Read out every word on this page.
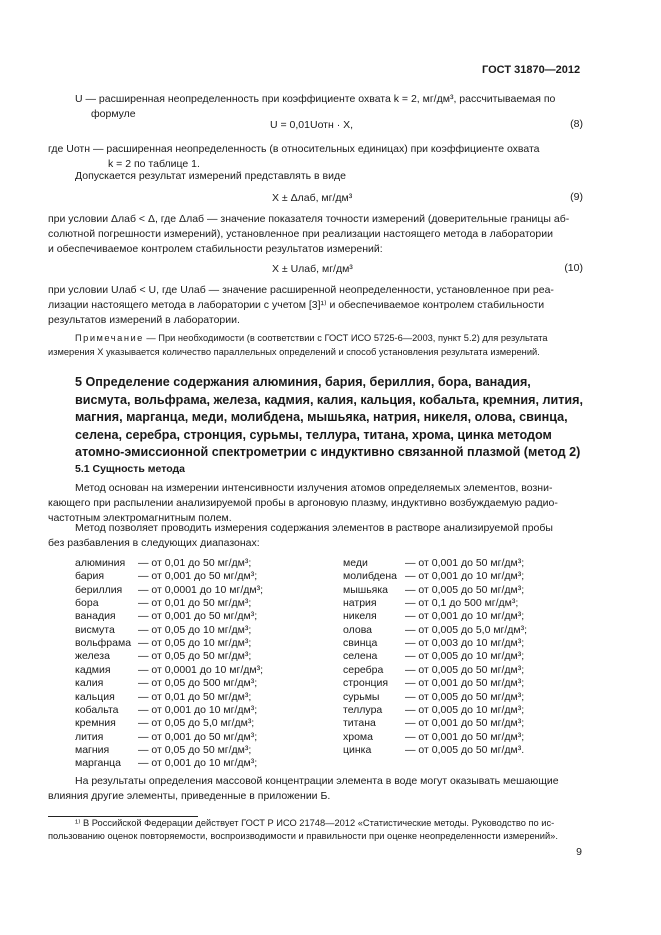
ГОСТ 31870—2012
U — расширенная неопределенность при коэффициенте охвата k = 2, мг/дм³, рассчитываемая по
формуле
U = 0,01Uотн · X,	(8)
где Uотн — расширенная неопределенность (в относительных единицах) при коэффициенте охвата
k = 2 по таблице 1.
Допускается результат измерений представлять в виде
X ± Δлаб, мг/дм³	(9)
при условии Δлаб < Δ, где Δлаб — значение показателя точности измерений (доверительные границы аб-
солютной погрешности измерений), установленное при реализации настоящего метода в лаборатории
и обеспечиваемое контролем стабильности результатов измерений:
X ± Uлаб, мг/дм³	(10)
при условии Uлаб < U, где Uлаб — значение расширенной неопределенности, установленное при реа-
лизации настоящего метода в лаборатории с учетом [3]¹⁾ и обеспечиваемое контролем стабильности
результатов измерений в лаборатории.
Примечание — При необходимости (в соответствии с ГОСТ ИСО 5725-6—2003, пункт 5.2) для результата
измерения X указывается количество параллельных определений и способ установления результата измерений.
5 Определение содержания алюминия, бария, бериллия, бора, ванадия,
висмута, вольфрама, железа, кадмия, калия, кальция, кобальта, кремния, лития,
магния, марганца, меди, молибдена, мышьяка, натрия, никеля, олова, свинца,
селена, серебра, стронция, сурьмы, теллура, титана, хрома, цинка методом
атомно-эмиссионной спектрометрии с индуктивно связанной плазмой (метод 2)
5.1 Сущность метода
Метод основан на измерении интенсивности излучения атомов определяемых элементов, возни-
кающего при распылении анализируемой пробы в аргоновую плазму, индуктивно возбуждаемую радио-
частотным электромагнитным полем.
Метод позволяет проводить измерения содержания элементов в растворе анализируемой пробы
без разбавления в следующих диапазонах:
алюминия — от 0,01 до 50 мг/дм³;
бария	— от 0,001 до 50 мг/дм³;
бериллия — от 0,0001 до 10 мг/дм³;
бора	— от 0,01 до 50 мг/дм³;
ванадия — от 0,001 до 50 мг/дм³;
висмута — от 0,05 до 10 мг/дм³;
вольфрама — от 0,05 до 10 мг/дм³;
железа	— от 0,05 до 50 мг/дм³;
кадмия	— от 0,0001 до 10 мг/дм³;
калия	— от 0,05 до 500 мг/дм³;
кальция — от 0,01 до 50 мг/дм³;
кобальта — от 0,001 до 10 мг/дм³;
кремния — от 0,05 до 5,0 мг/дм³;
лития	— от 0,001 до 50 мг/дм³;
магния	— от 0,05 до 50 мг/дм³;
марганца — от 0,001 до 10 мг/дм³;
меди	— от 0,001 до 50 мг/дм³;
молибдена — от 0,001 до 10 мг/дм³;
мышьяка — от 0,005 до 50 мг/дм³;
натрия	— от 0,1 до 500 мг/дм³;
никеля	— от 0,001 до 10 мг/дм³;
олова	— от 0,005 до 5,0 мг/дм³;
свинца	— от 0,003 до 10 мг/дм³;
селена	— от 0,005 до 10 мг/дм³;
серебра — от 0,005 до 50 мг/дм³;
стронция — от 0,001 до 50 мг/дм³;
сурьмы — от 0,005 до 50 мг/дм³;
теллура — от 0,005 до 10 мг/дм³;
титана	— от 0,001 до 50 мг/дм³;
хрома	— от 0,001 до 50 мг/дм³;
цинка	— от 0,005 до 50 мг/дм³.
На результаты определения массовой концентрации элемента в воде могут оказывать мешающие
влияния другие элементы, приведенные в приложении Б.
¹⁾ В Российской Федерации действует ГОСТ Р ИСО 21748—2012 «Статистические методы. Руководство по ис-
пользованию оценок повторяемости, воспроизводимости и правильности при оценке неопределенности измерений».
9
